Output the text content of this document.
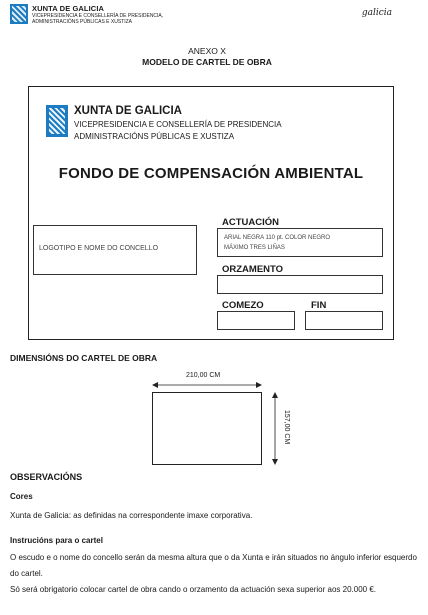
XUNTA DE GALICIA
VICEPRESIDENCIA E CONSELLERÍA DE PRESIDENCIA,
ADMINISTRACIÓNS PÚBLICAS E XUSTIZA
galicia
ANEXO X
MODELO DE CARTEL DE OBRA
XUNTA DE GALICIA
VICEPRESIDENCIA E CONSELLERÍA DE PRESIDENCIA
ADMINISTRACIÓNS PÚBLICAS E XUSTIZA
FONDO DE COMPENSACIÓN AMBIENTAL
LOGOTIPO E NOME DO CONCELLO
ACTUACIÓN
ARIAL NEGRA 110 pt. COLOR NEGRO
MÁXIMO TRES LIÑAS
ORZAMENTO
COMEZO	FIN
DIMENSIÓNS DO CARTEL DE OBRA
210,00 CM
157,00 CM
OBSERVACIÓNS
Cores
Xunta de Galicia: as definidas na correspondente imaxe corporativa.
Instrucións para o cartel
O escudo e o nome do concello serán da mesma altura que o da Xunta e irán situados no ángulo inferior esquerdo do cartel.
Só será obrigatorio colocar cartel de obra cando o orzamento da actuación sexa superior aos 20.000 €.
